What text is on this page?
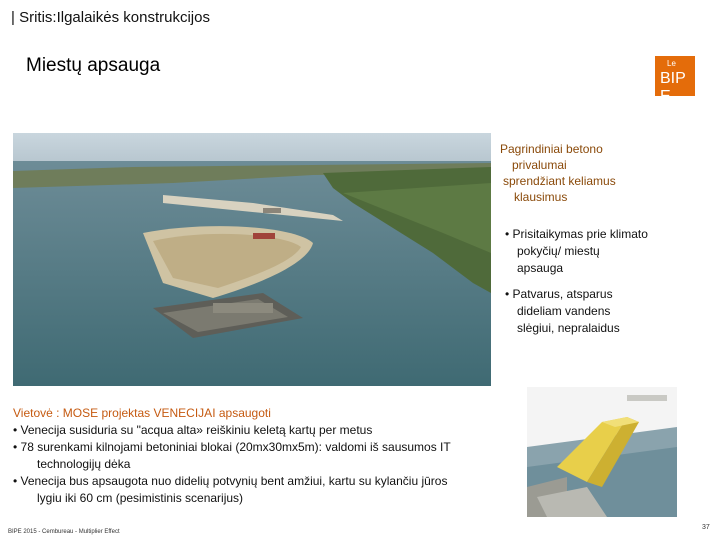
| Sritis:Ilgalaikės konstrukcijos
Miestų apsauga	Le
BIP E
Pagrindiniai betono
privalumai
sprendžiant keliamus
klausimus
• Prisitaikymas prie klimato
pokyčių/ miestų
apsauga
• Patvarus, atsparus
dideliam vandens
slėgiui, nepralaidus
Vietovė : MOSE projektas VENECIJAI apsaugoti
• Venecija susiduria su "acqua alta» reiškiniu keletą kartų per metus
• 78 surenkami kilnojami betoniniai blokai (20mx30mx5m): valdomi iš sausumos IT
technologijų dėka
• Venecija bus apsaugota nuo didelių potvynių bent amžiui, kartu su kylančiu jūros
lygiu iki 60 cm (pesimistinis scenarijus)
BIPE 2015 - Cembureau - Multiplier Effect
37
